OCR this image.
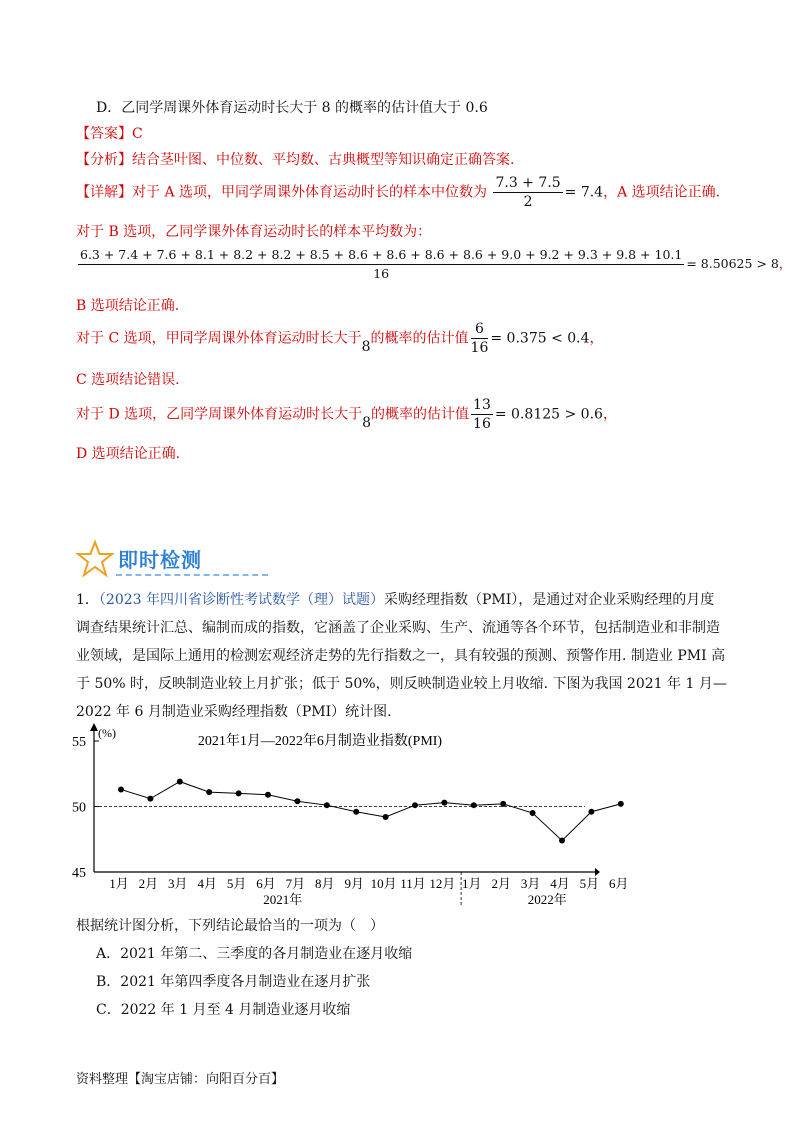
D．乙同学周课外体育运动时长大于 8 的概率的估计值大于 0.6
【答案】C
【分析】结合茎叶图、中位数、平均数、古典概型等知识确定正确答案.
【详解】对于 A 选项，甲同学周课外体育运动时长的样本中位数为 $\frac{7.3 + 7.5}{2} = 7.4$，A 选项结论正确.
对于 B 选项，乙同学课外体育运动时长的样本平均数为：
6.3 + 7.4 + 7.6 + 8.1 + 8.2 + 8.2 + 8.5 + 8.6 + 8.6 + 8.6 + 8.6 + 9.0 + 9.2 + 9.3 + 9.8 + 10.1
16
= 8.50625 > 8，
B 选项结论正确.
对于 C 选项，甲同学周课外体育运动时长大于8的概率的估计值 $\frac{6}{16} = 0.375 < 0.4$，
C 选项结论错误.
对于 D 选项，乙同学周课外体育运动时长大于8的概率的估计值 $\frac{13}{16} = 0.8125 > 0.6$，
D 选项结论正确.
即时检测
1．（2023 年四川省诊断性考试数学（理）试题）采购经理指数（PMI），是通过对企业采购经理的月度
调查结果统计汇总、编制而成的指数，它涵盖了企业采购、生产、流通等各个环节，包括制造业和非制造
业领域，是国际上通用的检测宏观经济走势的先行指数之一，具有较强的预测、预警作用. 制造业 PMI 高
于 50% 时，反映制造业较上月扩张；低于 50%，则反映制造业较上月收缩. 下图为我国 2021 年 1 月—
2022 年 6 月制造业采购经理指数（PMI）统计图.
(%)
45
50
55	2021年1月—2022年6月制造业指数(PMI)
1月 2月 3月 4月 5月 6月 7月 8月 9月 10月 11月 12月 1月 2月 3月 4月 5月 6月
2021年	2022年
根据统计图分析，下列结论最恰当的一项为（　）
A．2021 年第二、三季度的各月制造业在逐月收缩
B．2021 年第四季度各月制造业在逐月扩张
C．2022 年 1 月至 4 月制造业逐月收缩
资料整理【淘宝店铺：向阳百分百】
